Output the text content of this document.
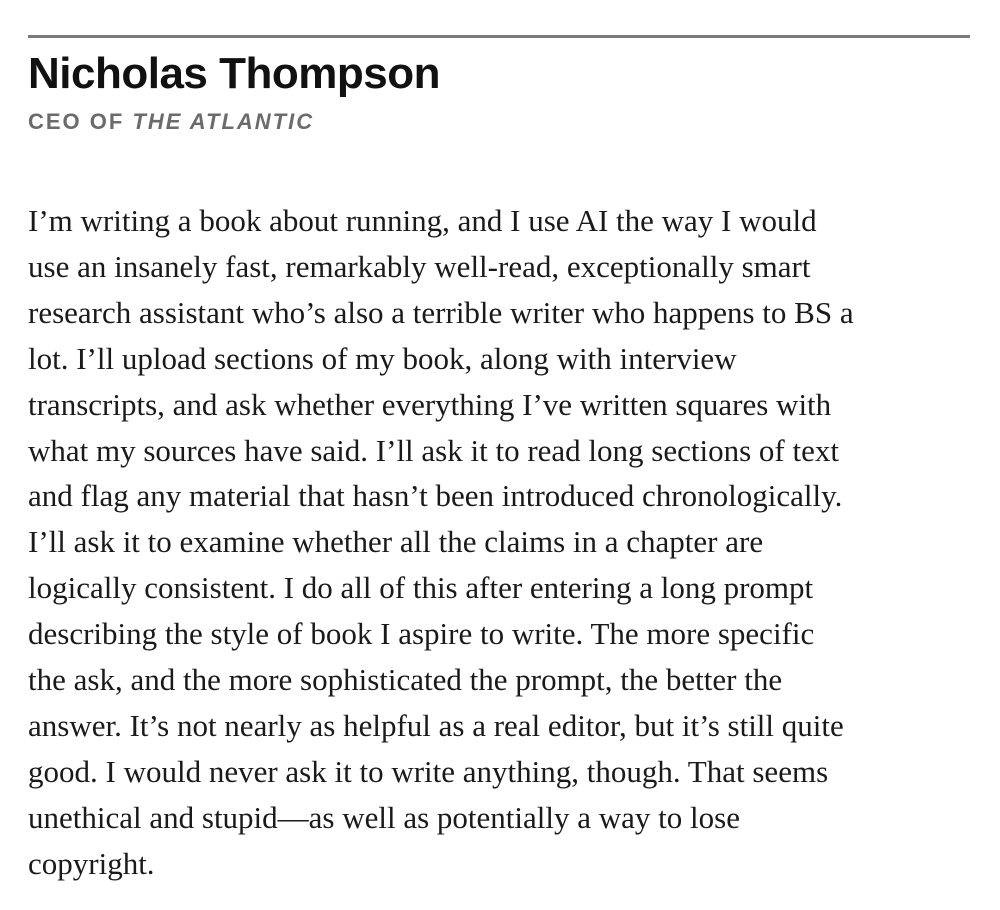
Nicholas Thompson
CEO OF THE ATLANTIC

I’m writing a book about running, and I use AI the way I would
use an insanely fast, remarkably well-read, exceptionally smart
research assistant who’s also a terrible writer who happens to BS a
lot. I’ll upload sections of my book, along with interview
transcripts, and ask whether everything I’ve written squares with
what my sources have said. I’ll ask it to read long sections of text
and flag any material that hasn’t been introduced chronologically.
I’ll ask it to examine whether all the claims in a chapter are
logically consistent. I do all of this after entering a long prompt
describing the style of book I aspire to write. The more specific
the ask, and the more sophisticated the prompt, the better the
answer. It’s not nearly as helpful as a real editor, but it’s still quite
good. I would never ask it to write anything, though. That seems
unethical and stupid—as well as potentially a way to lose
copyright.
